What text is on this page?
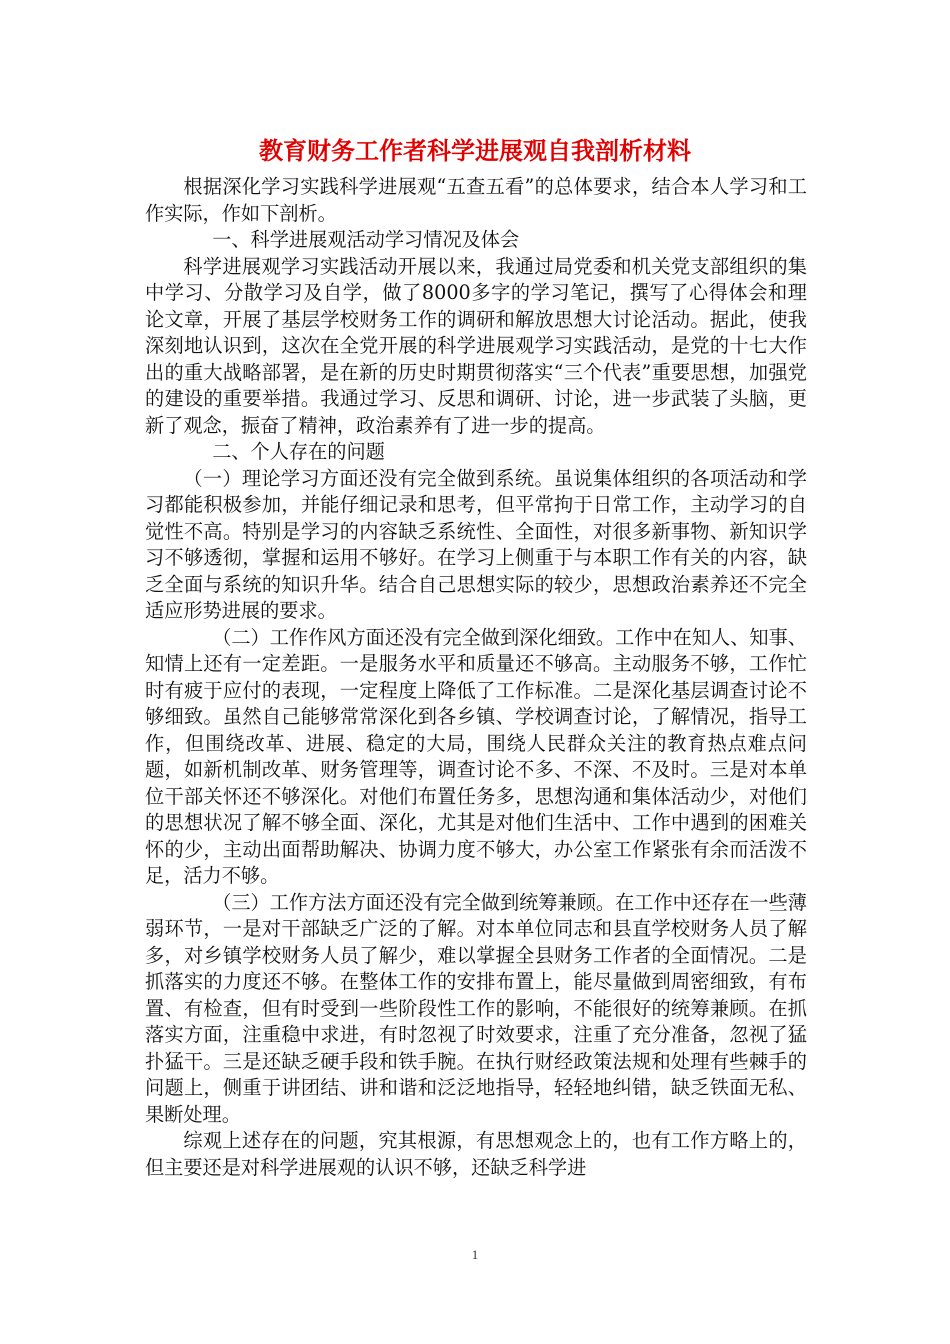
教育财务工作者科学进展观自我剖析材料

根据深化学习实践科学进展观“五查五看”的总体要求，结合本人学习和工作实际，作如下剖析。

一、科学进展观活动学习情况及体会

科学进展观学习实践活动开展以来，我通过局党委和机关党支部组织的集中学习、分散学习及自学，做了8000多字的学习笔记，撰写了心得体会和理论文章，开展了基层学校财务工作的调研和解放思想大讨论活动。据此，使我深刻地认识到，这次在全党开展的科学进展观学习实践活动，是党的十七大作出的重大战略部署，是在新的历史时期贯彻落实“三个代表”重要思想，加强党的建设的重要举措。我通过学习、反思和调研、讨论，进一步武装了头脑，更新了观念，振奋了精神，政治素养有了进一步的提高。

二、个人存在的问题

（一）理论学习方面还没有完全做到系统。虽说集体组织的各项活动和学习都能积极参加，并能仔细记录和思考，但平常拘于日常工作，主动学习的自觉性不高。特别是学习的内容缺乏系统性、全面性，对很多新事物、新知识学习不够透彻，掌握和运用不够好。在学习上侧重于与本职工作有关的内容，缺乏全面与系统的知识升华。结合自己思想实际的较少，思想政治素养还不完全适应形势进展的要求。

（二）工作作风方面还没有完全做到深化细致。工作中在知人、知事、知情上还有一定差距。一是服务水平和质量还不够高。主动服务不够，工作忙时有疲于应付的表现，一定程度上降低了工作标准。二是深化基层调查讨论不够细致。虽然自己能够常常深化到各乡镇、学校调查讨论，了解情况，指导工作，但围绕改革、进展、稳定的大局，围绕人民群众关注的教育热点难点问题，如新机制改革、财务管理等，调查讨论不多、不深、不及时。三是对本单位干部关怀还不够深化。对他们布置任务多，思想沟通和集体活动少，对他们的思想状况了解不够全面、深化，尤其是对他们生活中、工作中遇到的困难关怀的少，主动出面帮助解决、协调力度不够大，办公室工作紧张有余而活泼不足，活力不够。

（三）工作方法方面还没有完全做到统筹兼顾。在工作中还存在一些薄弱环节，一是对干部缺乏广泛的了解。对本单位同志和县直学校财务人员了解多，对乡镇学校财务人员了解少，难以掌握全县财务工作者的全面情况。二是抓落实的力度还不够。在整体工作的安排布置上，能尽量做到周密细致，有布置、有检查，但有时受到一些阶段性工作的影响，不能很好的统筹兼顾。在抓落实方面，注重稳中求进，有时忽视了时效要求，注重了充分准备，忽视了猛扑猛干。三是还缺乏硬手段和铁手腕。在执行财经政策法规和处理有些棘手的问题上，侧重于讲团结、讲和谐和泛泛地指导，轻轻地纠错，缺乏铁面无私、果断处理。

综观上述存在的问题，究其根源，有思想观念上的，也有工作方略上的，但主要还是对科学进展观的认识不够，还缺乏科学进

1
